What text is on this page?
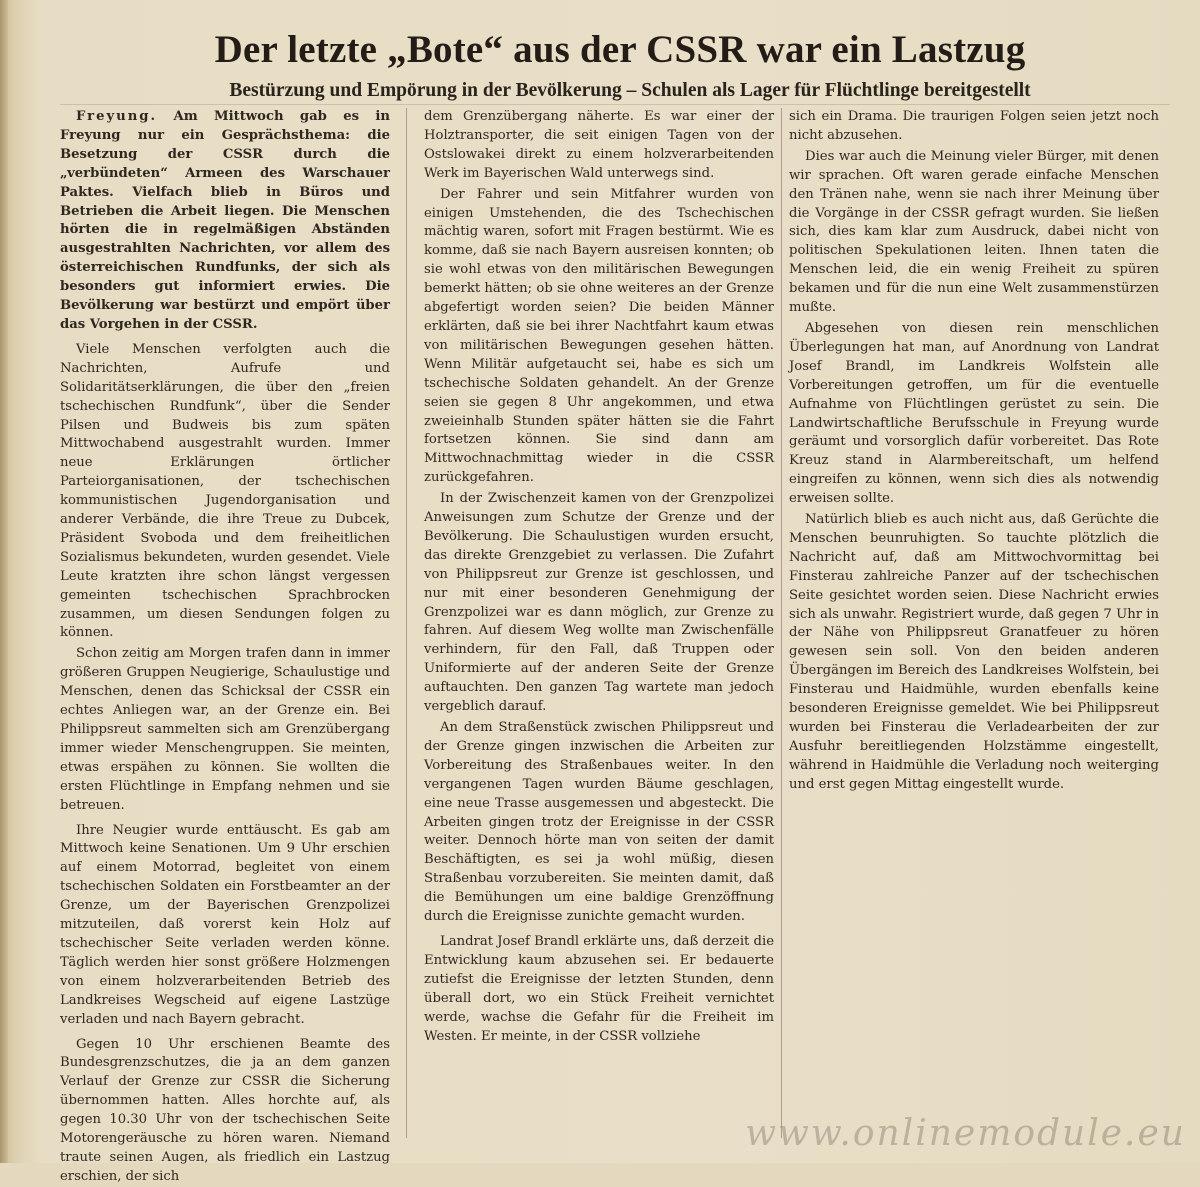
Der letzte „Bote“ aus der CSSR war ein Lastzug
Bestürzung und Empörung in der Bevölkerung – Schulen als Lager für Flüchtlinge bereitgestellt

Freyung. Am Mittwoch gab es in Freyung nur ein Gesprächsthema: die Besetzung der CSSR durch die „verbündeten“ Armeen des Warschauer Paktes. Vielfach blieb in Büros und Betrieben die Arbeit liegen. Die Menschen hörten die in regelmäßigen Abständen ausgestrahlten Nachrichten, vor allem des österreichischen Rundfunks, der sich als besonders gut informiert erwies. Die Bevölkerung war bestürzt und empört über das Vorgehen in der CSSR.

Viele Menschen verfolgten auch die Nachrichten, Aufrufe und Solidaritätserklärungen, die über den „freien tschechischen Rundfunk“, über die Sender Pilsen und Budweis bis zum späten Mittwochabend ausgestrahlt wurden. Immer neue Erklärungen örtlicher Parteiorganisationen, der tschechischen kommunistischen Jugendorganisation und anderer Verbände, die ihre Treue zu Dubcek, Präsident Svoboda und dem freiheitlichen Sozialismus bekundeten, wurden gesendet. Viele Leute kratzten ihre schon längst vergessen gemeinten tschechischen Sprachbrocken zusammen, um diesen Sendungen folgen zu können.

Schon zeitig am Morgen trafen dann in immer größeren Gruppen Neugierige, Schaulustige und Menschen, denen das Schicksal der CSSR ein echtes Anliegen war, an der Grenze ein. Bei Philippsreut sammelten sich am Grenzübergang immer wieder Menschengruppen. Sie meinten, etwas erspähen zu können. Sie wollten die ersten Flüchtlinge in Empfang nehmen und sie betreuen.

Ihre Neugier wurde enttäuscht. Es gab am Mittwoch keine Senationen. Um 9 Uhr erschien auf einem Motorrad, begleitet von einem tschechischen Soldaten ein Forstbeamter an der Grenze, um der Bayerischen Grenzpolizei mitzuteilen, daß vorerst kein Holz auf tschechischer Seite verladen werden könne. Täglich werden hier sonst größere Holzmengen von einem holzverarbeitenden Betrieb des Landkreises Wegscheid auf eigene Lastzüge verladen und nach Bayern gebracht.

Gegen 10 Uhr erschienen Beamte des Bundesgrenzschutzes, die ja an dem ganzen Verlauf der Grenze zur CSSR die Sicherung übernommen hatten. Alles horchte auf, als gegen 10.30 Uhr von der tschechischen Seite Motorengeräusche zu hören waren. Niemand traute seinen Augen, als friedlich ein Lastzug erschien, der sich

dem Grenzübergang näherte. Es war einer der Holztransporter, die seit einigen Tagen von der Ostslowakei direkt zu einem holzverarbeitenden Werk im Bayerischen Wald unterwegs sind.

Der Fahrer und sein Mitfahrer wurden von einigen Umstehenden, die des Tschechischen mächtig waren, sofort mit Fragen bestürmt. Wie es komme, daß sie nach Bayern ausreisen konnten; ob sie wohl etwas von den militärischen Bewegungen bemerkt hätten; ob sie ohne weiteres an der Grenze abgefertigt worden seien? Die beiden Männer erklärten, daß sie bei ihrer Nachtfahrt kaum etwas von militärischen Bewegungen gesehen hätten. Wenn Militär aufgetaucht sei, habe es sich um tschechische Soldaten gehandelt. An der Grenze seien sie gegen 8 Uhr angekommen, und etwa zweieinhalb Stunden später hätten sie die Fahrt fortsetzen können. Sie sind dann am Mittwochnachmittag wieder in die CSSR zurückgefahren.

In der Zwischenzeit kamen von der Grenzpolizei Anweisungen zum Schutze der Grenze und der Bevölkerung. Die Schaulustigen wurden ersucht, das direkte Grenzgebiet zu verlassen. Die Zufahrt von Philippsreut zur Grenze ist geschlossen, und nur mit einer besonderen Genehmigung der Grenzpolizei war es dann möglich, zur Grenze zu fahren. Auf diesem Weg wollte man Zwischenfälle verhindern, für den Fall, daß Truppen oder Uniformierte auf der anderen Seite der Grenze auftauchten. Den ganzen Tag wartete man jedoch vergeblich darauf.

An dem Straßenstück zwischen Philippsreut und der Grenze gingen inzwischen die Arbeiten zur Vorbereitung des Straßenbaues weiter. In den vergangenen Tagen wurden Bäume geschlagen, eine neue Trasse ausgemessen und abgesteckt. Die Arbeiten gingen trotz der Ereignisse in der CSSR weiter. Dennoch hörte man von seiten der damit Beschäftigten, es sei ja wohl müßig, diesen Straßenbau vorzubereiten. Sie meinten damit, daß die Bemühungen um eine baldige Grenzöffnung durch die Ereignisse zunichte gemacht wurden.

Landrat Josef Brandl erklärte uns, daß derzeit die Entwicklung kaum abzusehen sei. Er bedauerte zutiefst die Ereignisse der letzten Stunden, denn überall dort, wo ein Stück Freiheit vernichtet werde, wachse die Gefahr für die Freiheit im Westen. Er meinte, in der CSSR vollziehe

sich ein Drama. Die traurigen Folgen seien jetzt noch nicht abzusehen.

Dies war auch die Meinung vieler Bürger, mit denen wir sprachen. Oft waren gerade einfache Menschen den Tränen nahe, wenn sie nach ihrer Meinung über die Vorgänge in der CSSR gefragt wurden. Sie ließen sich, dies kam klar zum Ausdruck, dabei nicht von politischen Spekulationen leiten. Ihnen taten die Menschen leid, die ein wenig Freiheit zu spüren bekamen und für die nun eine Welt zusammenstürzen mußte.

Abgesehen von diesen rein menschlichen Überlegungen hat man, auf Anordnung von Landrat Josef Brandl, im Landkreis Wolfstein alle Vorbereitungen getroffen, um für die eventuelle Aufnahme von Flüchtlingen gerüstet zu sein. Die Landwirtschaftliche Berufsschule in Freyung wurde geräumt und vorsorglich dafür vorbereitet. Das Rote Kreuz stand in Alarmbereitschaft, um helfend eingreifen zu können, wenn sich dies als notwendig erweisen sollte.

Natürlich blieb es auch nicht aus, daß Gerüchte die Menschen beunruhigten. So tauchte plötzlich die Nachricht auf, daß am Mittwochvormittag bei Finsterau zahlreiche Panzer auf der tschechischen Seite gesichtet worden seien. Diese Nachricht erwies sich als unwahr. Registriert wurde, daß gegen 7 Uhr in der Nähe von Philippsreut Granatfeuer zu hören gewesen sein soll. Von den beiden anderen Übergängen im Bereich des Landkreises Wolfstein, bei Finsterau und Haidmühle, wurden ebenfalls keine besonderen Ereignisse gemeldet. Wie bei Philippsreut wurden bei Finsterau die Verladearbeiten der zur Ausfuhr bereitliegenden Holzstämme eingestellt, während in Haidmühle die Verladung noch weiterging und erst gegen Mittag eingestellt wurde.

www.onlinemodule.eu
